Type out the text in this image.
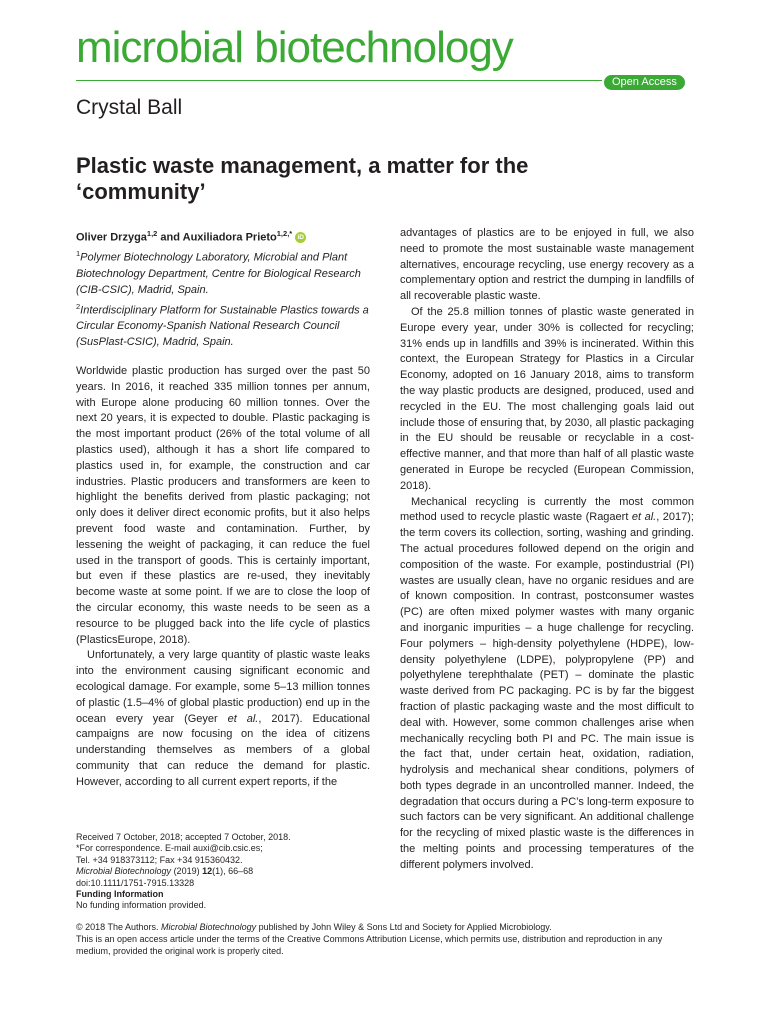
microbial biotechnology
Open Access
Crystal Ball
Plastic waste management, a matter for the ‘community’
Oliver Drzyga$^{1,2}$ and Auxiliadora Prieto$^{1,2,*}$ iD
$^1$Polymer Biotechnology Laboratory, Microbial and Plant Biotechnology Department, Centre for Biological Research (CIB-CSIC), Madrid, Spain.
$^2$Interdisciplinary Platform for Sustainable Plastics towards a Circular Economy-Spanish National Research Council (SusPlast-CSIC), Madrid, Spain.

Worldwide plastic production has surged over the past 50 years. In 2016, it reached 335 million tonnes per annum, with Europe alone producing 60 million tonnes. Over the next 20 years, it is expected to double. Plastic packaging is the most important product (26% of the total volume of all plastics used), although it has a short life compared to plastics used in, for example, the construction and car industries. Plastic producers and transformers are keen to highlight the benefits derived from plastic packaging; not only does it deliver direct economic profits, but it also helps prevent food waste and contamination. Further, by lessening the weight of packaging, it can reduce the fuel used in the transport of goods. This is certainly important, but even if these plastics are re-used, they inevitably become waste at some point. If we are to close the loop of the circular economy, this waste needs to be seen as a resource to be plugged back into the life cycle of plastics (PlasticsEurope, 2018).

Unfortunately, a very large quantity of plastic waste leaks into the environment causing significant economic and ecological damage. For example, some 5–13 million tonnes of plastic (1.5–4% of global plastic production) end up in the ocean every year (Geyer et al., 2017). Educational campaigns are now focusing on the idea of citizens understanding themselves as members of a global community that can reduce the demand for plastic. However, according to all current expert reports, if the

advantages of plastics are to be enjoyed in full, we also need to promote the most sustainable waste management alternatives, encourage recycling, use energy recovery as a complementary option and restrict the dumping in landfills of all recoverable plastic waste.

Of the 25.8 million tonnes of plastic waste generated in Europe every year, under 30% is collected for recycling; 31% ends up in landfills and 39% is incinerated. Within this context, the European Strategy for Plastics in a Circular Economy, adopted on 16 January 2018, aims to transform the way plastic products are designed, produced, used and recycled in the EU. The most challenging goals laid out include those of ensuring that, by 2030, all plastic packaging in the EU should be reusable or recyclable in a cost-effective manner, and that more than half of all plastic waste generated in Europe be recycled (European Commission, 2018).

Mechanical recycling is currently the most common method used to recycle plastic waste (Ragaert et al., 2017); the term covers its collection, sorting, washing and grinding. The actual procedures followed depend on the origin and composition of the waste. For example, postindustrial (PI) wastes are usually clean, have no organic residues and are of known composition. In contrast, postconsumer wastes (PC) are often mixed polymer wastes with many organic and inorganic impurities – a huge challenge for recycling. Four polymers – high-density polyethylene (HDPE), low-density polyethylene (LDPE), polypropylene (PP) and polyethylene terephthalate (PET) – dominate the plastic waste derived from PC packaging. PC is by far the biggest fraction of plastic packaging waste and the most difficult to deal with. However, some common challenges arise when mechanically recycling both PI and PC. The main issue is the fact that, under certain heat, oxidation, radiation, hydrolysis and mechanical shear conditions, polymers of both types degrade in an uncontrolled manner. Indeed, the degradation that occurs during a PC’s long-term exposure to such factors can be very significant. An additional challenge for the recycling of mixed plastic waste is the differences in the melting points and processing temperatures of the different polymers involved.

Received 7 October, 2018; accepted 7 October, 2018.
*For correspondence. E-mail auxi@cib.csic.es;
Tel. +34 918373112; Fax +34 915360432.
Microbial Biotechnology (2019) 12(1), 66–68
doi:10.1111/1751-7915.13328
Funding Information
No funding information provided.
© 2018 The Authors. Microbial Biotechnology published by John Wiley & Sons Ltd and Society for Applied Microbiology.
This is an open access article under the terms of the Creative Commons Attribution License, which permits use, distribution and reproduction in any medium, provided the original work is properly cited.
